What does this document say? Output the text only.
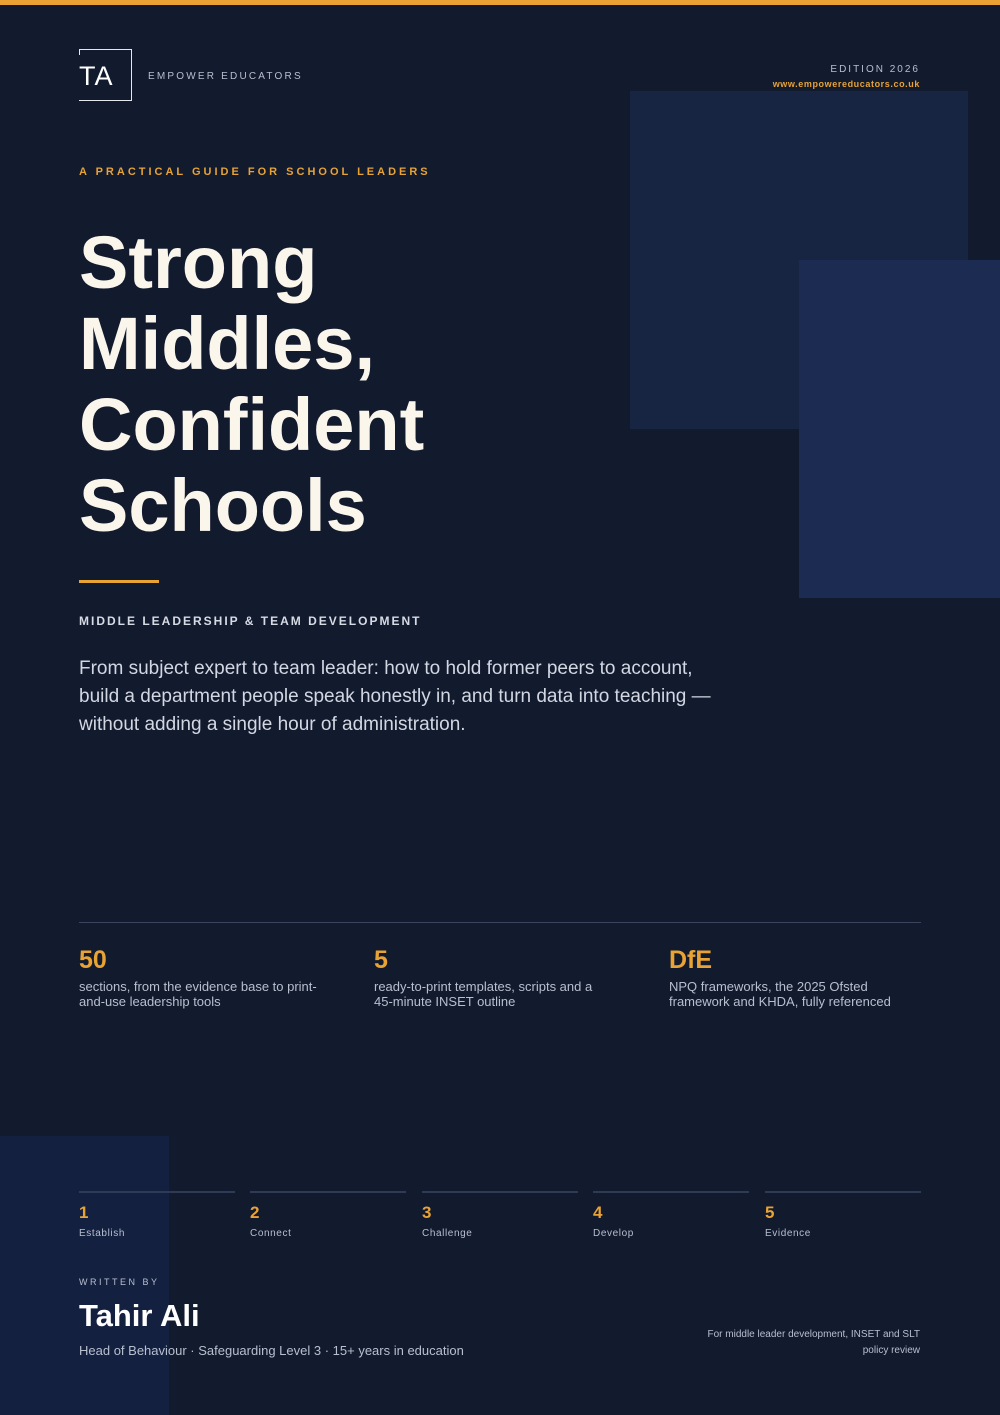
TA	EMPOWER EDUCATORS
EDITION 2026
www.empowereducators.co.uk
A PRACTICAL GUIDE FOR SCHOOL LEADERS
Strong
Middles,
Confident
Schools
MIDDLE LEADERSHIP & TEAM DEVELOPMENT
From subject expert to team leader: how to hold former peers to account, build a department people speak honestly in, and turn data into teaching — without adding a single hour of administration.
50
sections, from the evidence base to print-and-use leadership tools
5
ready-to-print templates, scripts and a 45-minute INSET outline
DfE
NPQ frameworks, the 2025 Ofsted framework and KHDA, fully referenced
1
Establish
2
Connect
3
Challenge
4
Develop
5
Evidence
WRITTEN BY
Tahir Ali
Head of Behaviour · Safeguarding Level 3 · 15+ years in education
For middle leader development, INSET and SLT policy review
